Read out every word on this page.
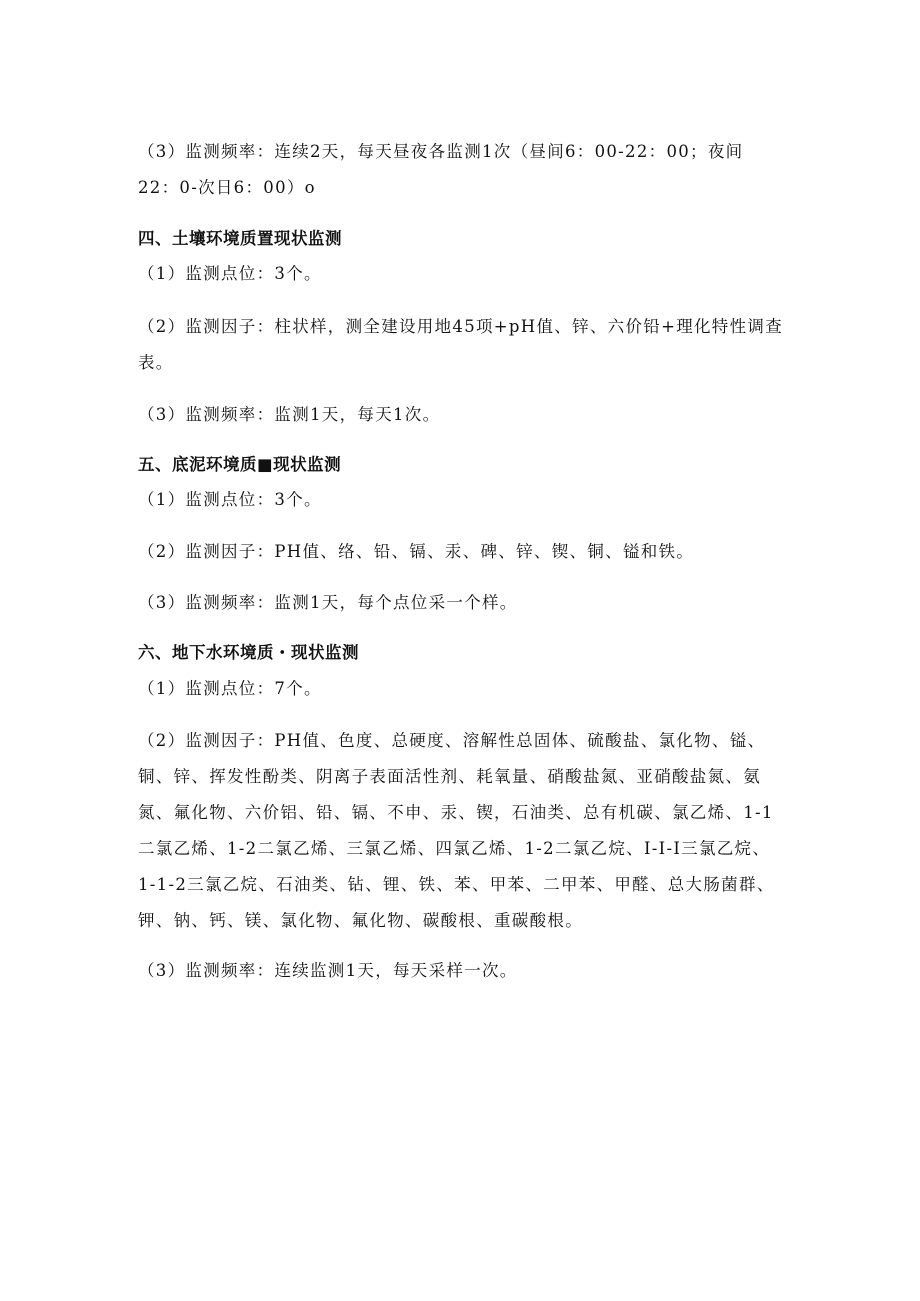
（3）监测频率：连续2天，每天昼夜各监测1次（昼间6：00-22：00；夜间
22：0-次日6：00）o
四、土壤环境质置现状监测
（1）监测点位：3个。
（2）监测因子：柱状样，测全建设用地45项+pH值、锌、六价铅+理化特性调查
表。
（3）监测频率：监测1天，每天1次。
五、底泥环境质■现状监测
（1）监测点位：3个。
（2）监测因子：PH值、络、铅、镉、汞、碑、锌、锲、铜、镒和铁。
（3）监测频率：监测1天，每个点位采一个样。
六、地下水环境质・现状监测
（1）监测点位：7个。
（2）监测因子：PH值、色度、总硬度、溶解性总固体、硫酸盐、氯化物、镒、
铜、锌、挥发性酚类、阴离子表面活性剂、耗氧量、硝酸盐氮、亚硝酸盐氮、氨
氮、氟化物、六价铝、铅、镉、不申、汞、锲，石油类、总有机碳、氯乙烯、1-1
二氯乙烯、1-2二氯乙烯、三氯乙烯、四氯乙烯、1-2二氯乙烷、I-I-I三氯乙烷、
1-1-2三氯乙烷、石油类、钻、锂、铁、苯、甲苯、二甲苯、甲醛、总大肠菌群、
钾、钠、钙、镁、氯化物、氟化物、碳酸根、重碳酸根。
（3）监测频率：连续监测1天，每天采样一次。
